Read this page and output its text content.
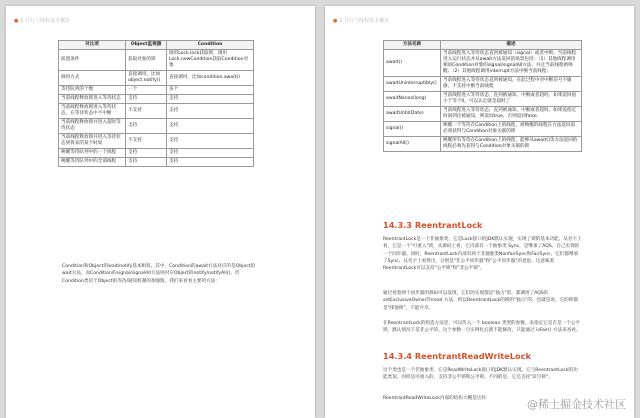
● 1 并行与线程基本概念
对比项	Object监视器	Condition
前置条件	获取对象的锁	调用Lock.lock获取锁，调用Lock.newCondition获取Condition对象
调用方式	直接调用，比如object.notify()	直接调用，比如condition.await()
等待队列的个数	一个	多个
当前线程释放锁进入等待状态	支持	支持
当前线程释放锁进入等待状态，在等待状态中不中断	不支持	支持
当前线程释放锁并进入超时等待状态	支持	支持
当前线程释放锁并进入等待状态到将来的某个时间	不支持	支持
唤醒等待队列中的一个线程	支持	支持
唤醒等待队列中的全部线程	支持	支持
Condition和Object的wait/notify基本相似。其中，Condition的await方法对应的是Object的wait方法，而Condition的signal/signalAll方法则对应Object的notify/notifyAll()。但Condition类似于Object的等待/通知机制的加强版。我们来看看主要的方法：
● 1 并行与线程基本概念
方法名称	描述
await()	当前线程进入等待状态直到被通知（signal）或者中断；当前线程进入运行状态并从await方法返回的场景包括：（1）其他线程调用相同Condition对象的signal/signalAll方法，并且当前线程被唤醒；（2）其他线程调用interrupt方法中断当前线程；
awaitUninterruptibly()	当前线程进入等待状态直到被通知，在此过程中对中断信号不敏感，不支持中断当前线程
awaitNanos(long)	当前线程进入等待状态，直到被通知、中断或者超时。如果返回值小于等于0，可以认定就是超时了
awaitUntil(Date)	当前线程进入等待状态，直到被通知、中断或者超时。如果没指定时间到达被通知，则返回true，否则返回false
signal()	唤醒一个等待在Condition上的线程，被唤醒的线程在方法返回前必须获得与Condition对象关联的锁
signalAll()	唤醒所有等待在Condition上的线程，能够从await()等方法返回的线程必须先获得与Condition对象关联的锁
14.3.3 ReentrantLock
ReentrantLock是一个非抽象类，它是Lock接口的JDK默认实现，实现了锁的基本功能。从名字上看，它是一个"可重入"锁，从源码上看，它内部有一个抽象类 Sync，是继承了AQS，自己实现的一个同步器。同时，ReentrantLock内部有两个非抽象类NonfairSync和FairSync，它们都继承了Sync。从名字上看得出，分别是"非公平同步器"和"公平同步器"的意思。这意味着ReentrantLock可以支持"公平锁"和"非公平锁"。
通过看着两个同步器的源码可以发现，它们的实现都是"独占"的。都调用了AQS的 setExclusiveOwnerThread 方法，所以ReentrantLock的锁的"独占"的，也就是说，它的锁都是"排他锁"，不能共享。
在ReentrantLock的构造方法里，可以传入一个 boolean 类型的参数，来指定它是否是一个公平锁，默认情况下是非公平的。这个参数一旦实例化后就不能修改，只能通过 isFair() 方法来查看。
14.3.4 ReentrantReadWriteLock
这个类也是一个非抽象类，它是ReadWriteLock接口的JDK默认实现。它与ReentrantLock的功能类似，同样是可重入的，支持非公平锁和公平锁。不同的是，它还支持"读写锁"。
ReentrantReadWriteLock内部的结构大概是这样：	@稀土掘金技术社区
